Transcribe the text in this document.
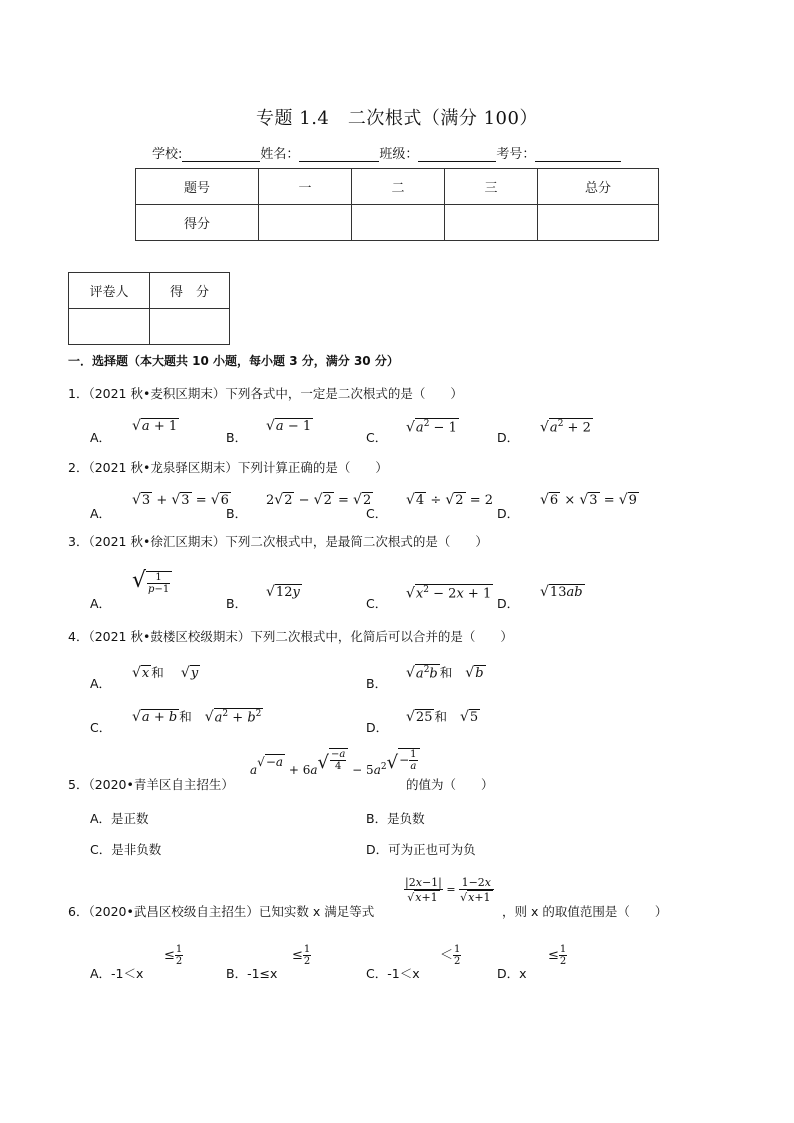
专题 1.4　二次根式（满分 100）
学校:	姓名：	班级：	考号：
题号	一	二	三	总分
得分				
评卷人	得　分

一．选择题（本大题共 10 小题，每小题 3 分，满分 30 分）
1．（2021 秋•麦积区期末）下列各式中，一定是二次根式的是（　　）
A．
√a + 1
B．
√a − 1
C．
$√a^2 - 1$
D．
$√a^2 + 2$
2．（2021 秋•龙泉驿区期末）下列计算正确的是（　　）
A．
√3 + √3 = √6
B．
2√2 − √2 = √2
C．
√4 ÷ √2 = 2
D．
√6 × √3 = √9
3．（2021 秋•徐汇区期末）下列二次根式中，是最简二次根式的是（　　）
A．
√ $\frac{1}{p-1}$
B．
√12y
C．
$√x^2 - 2x + 1$
D．
√13ab
4．（2021 秋•鼓楼区校级期末）下列二次根式中，化简后可以合并的是（　　）
A．
√x 和　 √y
B．
$√a^2b$ 和　 √b
C．
√a + b 和　 $√a^2 + b^2$
D．
√25 和　 √5
5．（2020•青羊区自主招生）
$a√-a + 6a√ \frac{-a}{4} - 5a^2√- \frac{1}{a}$
的值为（　　）
A．是正数	B．是负数
C．是非负数	D．可为正也可为负
6．（2020•武昌区校级自主招生）已知实数 x 满足等式
$\frac{|2x-1|}{√x+1} = \frac{1-2x}{√x+1}$
，则 x 的取值范围是（　　）
A．-1＜x
≤ $\frac{1}{2}$
B．-1≤x
≤ $\frac{1}{2}$
C．-1＜x
＜ $\frac{1}{2}$
D．x
≤ $\frac{1}{2}$
